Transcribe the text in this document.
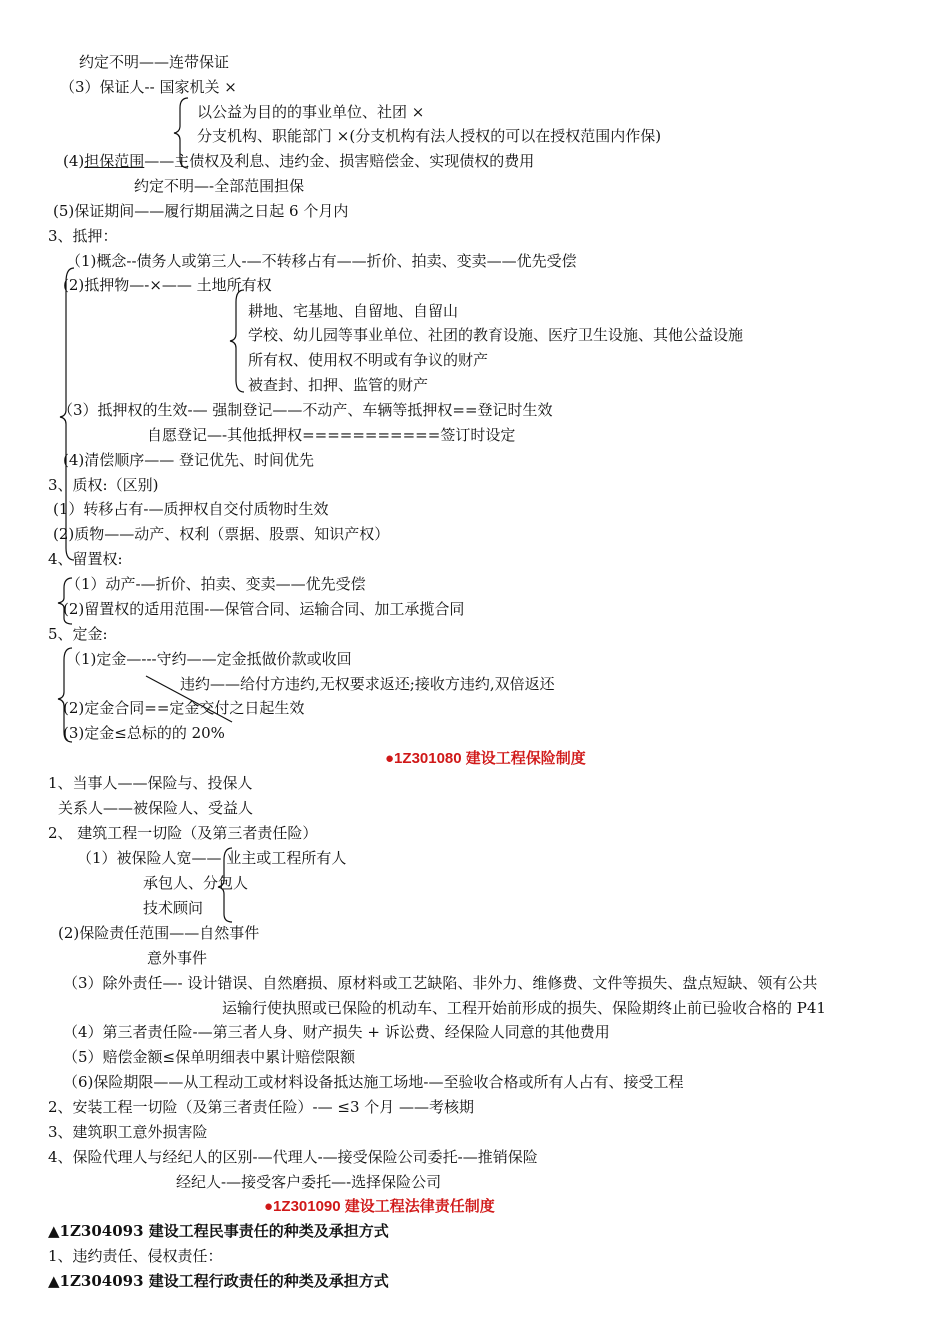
约定不明——连带保证
（3）保证人-- 国家机关 ×
以公益为目的的事业单位、社团 ×
分支机构、职能部门 ×(分支机构有法人授权的可以在授权范围内作保)
(4)担保范围——主债权及利息、违约金、损害赔偿金、实现债权的费用
约定不明—-全部范围担保
(5)保证期间——履行期届满之日起 6 个月内
3、抵押：
（1)概念--债务人或第三人-—不转移占有——折价、拍卖、变卖——优先受偿
(2)抵押物—-×—— 土地所有权
耕地、宅基地、自留地、自留山
学校、幼儿园等事业单位、社团的教育设施、医疗卫生设施、其他公益设施
所有权、使用权不明或有争议的财产
被查封、扣押、监管的财产
（3）抵押权的生效-— 强制登记——不动产、车辆等抵押权==登记时生效
自愿登记—-其他抵押权===========签订时设定
(4)清偿顺序—— 登记优先、时间优先
3、质权:（区别)
(1）转移占有-—质押权自交付质物时生效
(2)质物——动产、权利（票据、股票、知识产权）
4、留置权:
（1）动产-—折价、拍卖、变卖——优先受偿
(2)留置权的适用范围-—保管合同、运输合同、加工承揽合同
5、定金:
（1)定金—---守约——定金抵做价款或收回
违约——给付方违约,无权要求返还;接收方违约,双倍返还
(2)定金合同==定金交付之日起生效
(3)定金≤总标的的 20%
●1Z301080 建设工程保险制度
1、当事人——保险与、投保人
关系人——被保险人、受益人
2、 建筑工程一切险（及第三者责任险）
（1）被保险人宽—— 业主或工程所有人
承包人、分包人
技术顾问
(2)保险责任范围——自然事件
意外事件
（3）除外责任—- 设计错误、自然磨损、原材料或工艺缺陷、非外力、维修费、文件等损失、盘点短缺、领有公共
运输行使执照或已保险的机动车、工程开始前形成的损失、保险期终止前已验收合格的 P41
（4）第三者责任险-—第三者人身、财产损失 + 诉讼费、经保险人同意的其他费用
（5）赔偿金额≤保单明细表中累计赔偿限额
（6)保险期限——从工程动工或材料设备抵达施工场地-—至验收合格或所有人占有、接受工程
2、安装工程一切险（及第三者责任险）-— ≤3 个月 ——考核期
3、建筑职工意外损害险
4、保险代理人与经纪人的区别-—代理人-—接受保险公司委托-—推销保险
经纪人-—接受客户委托—-选择保险公司
●1Z301090 建设工程法律责任制度
▲1Z304093 建设工程民事责任的种类及承担方式
1、违约责任、侵权责任：
▲1Z304093 建设工程行政责任的种类及承担方式
